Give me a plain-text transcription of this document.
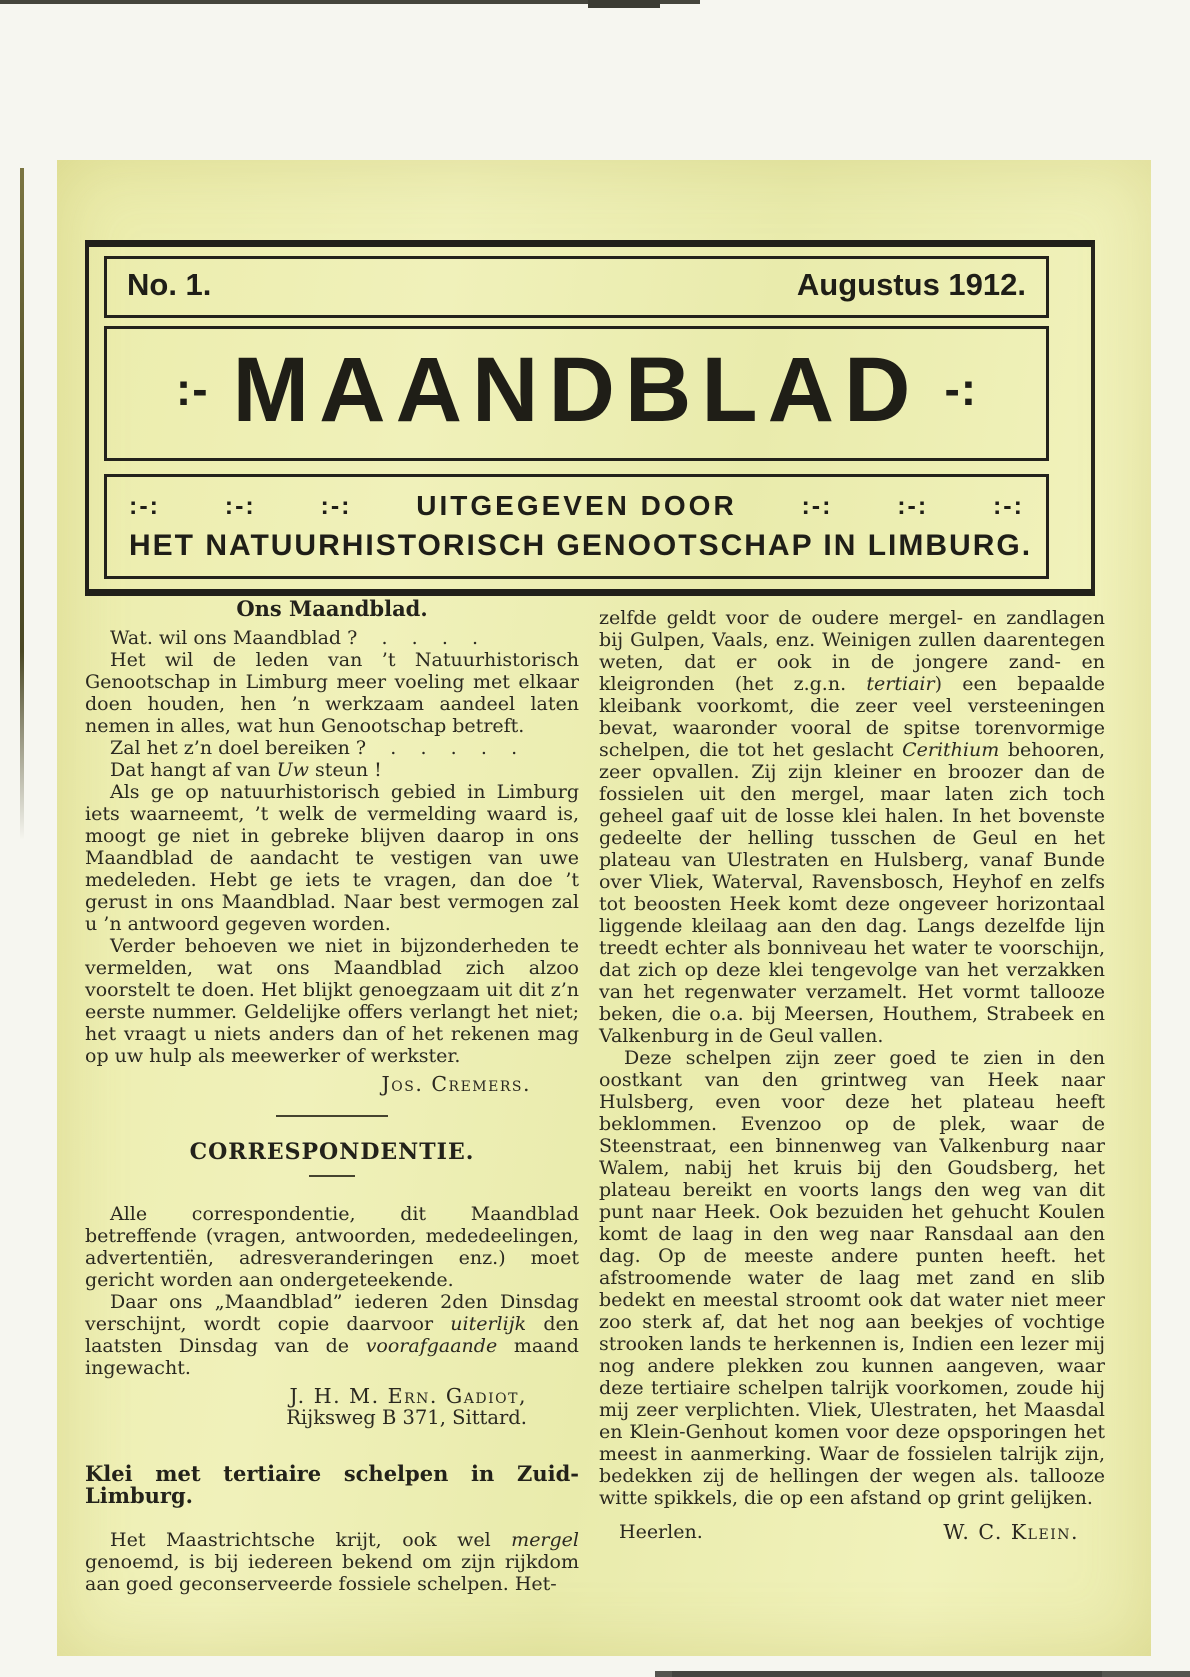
No. 1.	Augustus 1912.
:- MAANDBLAD -:
:-:	:-:	:-: UITGEGEVEN DOOR	:-:	:-:	:-:
HET NATUURHISTORISCH GENOOTSCHAP IN LIMBURG.
Ons Maandblad.

Wat. wil ons Maandblad ?    .    .    .    .

Het wil de leden van ’t Natuurhistorisch Genootschap in Limburg meer voeling met elkaar doen houden, hen ’n werkzaam aandeel laten nemen in alles, wat hun Genootschap betreft.

Zal het z’n doel bereiken ?    .    .    .    .    .

Dat hangt af van Uw steun !

Als ge op natuurhistorisch gebied in Limburg iets waarneemt, ’t welk de vermelding waard is, moogt ge niet in gebreke blijven daarop in ons Maandblad de aandacht te vestigen van uwe medeleden. Hebt ge iets te vragen, dan doe ’t gerust in ons Maandblad. Naar best vermogen zal u ’n antwoord gegeven worden.

Verder behoeven we niet in bijzonderheden te vermelden, wat ons Maandblad zich alzoo voorstelt te doen. Het blijkt genoegzaam uit dit z’n eerste nummer. Geldelijke offers verlangt het niet; het vraagt u niets anders dan of het rekenen mag op uw hulp als meewerker of werkster.

Jos. Cremers.
CORRESPONDENTIE.

Alle correspondentie, dit Maandblad betreffende (vragen, antwoorden, mededeelingen, advertentiën, adresveranderingen enz.) moet gericht worden aan ondergeteekende.

Daar ons „Maandblad” iederen 2den Dinsdag verschijnt, wordt copie daarvoor uiterlijk den laatsten Dinsdag van de voorafgaande maand ingewacht.

J. H. M. Ern. Gadiot,
Rijksweg B 371, Sittard.
Klei met tertiaire schelpen in Zuid-Limburg.

Het Maastrichtsche krijt, ook wel mergel genoemd, is bij iedereen bekend om zijn rijkdom aan goed geconserveerde fossiele schelpen. Het-

zelfde geldt voor de oudere mergel- en zandlagen bij Gulpen, Vaals, enz. Weinigen zullen daarentegen weten, dat er ook in de jongere zand- en kleigronden (het z.g.n. tertiair) een bepaalde kleibank voorkomt, die zeer veel versteeningen bevat, waaronder vooral de spitse torenvormige schelpen, die tot het geslacht Cerithium behooren, zeer opvallen. Zij zijn kleiner en broozer dan de fossielen uit den mergel, maar laten zich toch geheel gaaf uit de losse klei halen. In het bovenste gedeelte der helling tusschen de Geul en het plateau van Ulestraten en Hulsberg, vanaf Bunde over Vliek, Waterval, Ravensbosch, Heyhof en zelfs tot beoosten Heek komt deze ongeveer horizontaal liggende kleilaag aan den dag. Langs dezelfde lijn treedt echter als bonniveau het water te voorschijn, dat zich op deze klei tengevolge van het verzakken van het regenwater verzamelt. Het vormt tallooze beken, die o.a. bij Meersen, Houthem, Strabeek en Valkenburg in de Geul vallen.

Deze schelpen zijn zeer goed te zien in den oostkant van den grintweg van Heek naar Hulsberg, even voor deze het plateau heeft beklommen. Evenzoo op de plek, waar de Steenstraat, een binnenweg van Valkenburg naar Walem, nabij het kruis bij den Goudsberg, het plateau bereikt en voorts langs den weg van dit punt naar Heek. Ook bezuiden het gehucht Koulen komt de laag in den weg naar Ransdaal aan den dag. Op de meeste andere punten heeft. het afstroomende water de laag met zand en slib bedekt en meestal stroomt ook dat water niet meer zoo sterk af, dat het nog aan beekjes of vochtige strooken lands te herkennen is, Indien een lezer mij nog andere plekken zou kunnen aangeven, waar deze tertiaire schelpen talrijk voorkomen, zoude hij mij zeer verplichten. Vliek, Ulestraten, het Maasdal en Klein-Genhout komen voor deze opsporingen het meest in aanmerking. Waar de fossielen talrijk zijn, bedekken zij de hellingen der wegen als. tallooze witte spikkels, die op een afstand op grint gelijken.

Heerlen.	W. C. Klein.
